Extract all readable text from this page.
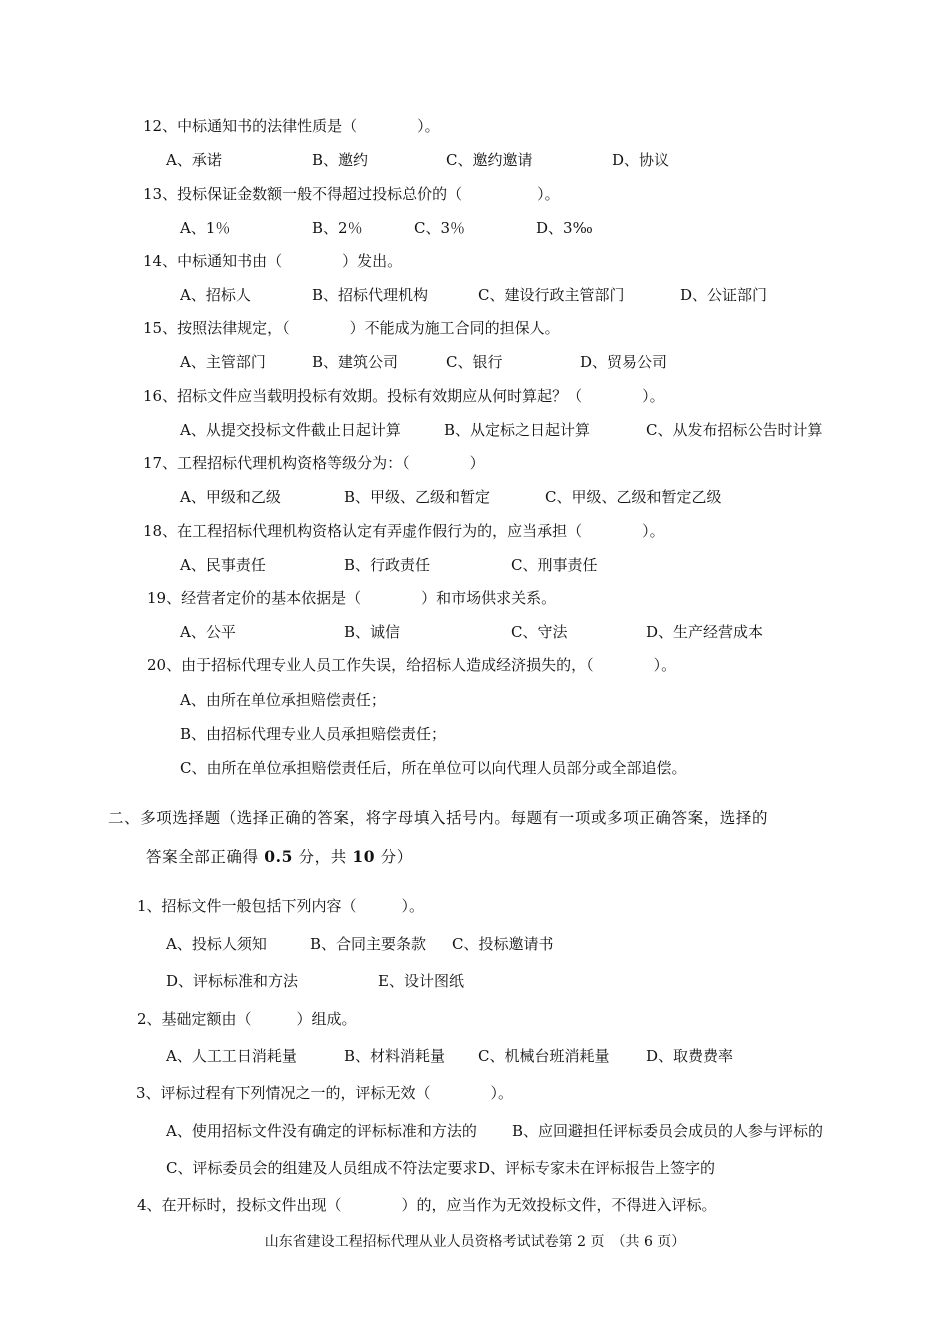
12、中标通知书的法律性质是（　　　　）。
A、承诺	B、邀约	C、邀约邀请	D、协议
13、投标保证金数额一般不得超过投标总价的（　　　　　）。
A、1％	B、2％	C、3％	D、3‰
14、中标通知书由（　　　　）发出。
A、招标人	B、招标代理机构	C、建设行政主管部门	D、公证部门
15、按照法律规定，（　　　　）不能成为施工合同的担保人。
A、主管部门	B、建筑公司	C、银行	D、贸易公司
16、招标文件应当载明投标有效期。投标有效期应从何时算起？（　　　　）。
A、从提交投标文件截止日起计算	B、从定标之日起计算	C、从发布招标公告时计算
17、工程招标代理机构资格等级分为：（　　　　）
A、甲级和乙级	B、甲级、乙级和暂定	C、甲级、乙级和暂定乙级
18、在工程招标代理机构资格认定有弄虚作假行为的，应当承担（　　　　）。
A、民事责任	B、行政责任	C、刑事责任
19、经营者定价的基本依据是（　　　　）和市场供求关系。
A、公平	B、诚信	C、守法	D、生产经营成本
20、由于招标代理专业人员工作失误，给招标人造成经济损失的，（　　　　）。
A、由所在单位承担赔偿责任；
B、由招标代理专业人员承担赔偿责任；
C、由所在单位承担赔偿责任后，所在单位可以向代理人员部分或全部追偿。
二、多项选择题（选择正确的答案，将字母填入括号内。每题有一项或多项正确答案，选择的
答案全部正确得 0.5 分，共 10 分）
1、招标文件一般包括下列内容（　　　）。
A、投标人须知	B、合同主要条款 C、投标邀请书
D、评标标准和方法	E、设计图纸
2、基础定额由（　　　）组成。
A、人工工日消耗量	B、材料消耗量 C、机械台班消耗量 D、取费费率
3、评标过程有下列情况之一的，评标无效（　　　　）。
A、使用招标文件没有确定的评标标准和方法的 B、应回避担任评标委员会成员的人参与评标的
C、评标委员会的组建及人员组成不符法定要求 D、评标专家未在评标报告上签字的
4、在开标时，投标文件出现（　　　　）的，应当作为无效投标文件，不得进入评标。
山东省建设工程招标代理从业人员资格考试试卷第 2 页　（共 6 页）
